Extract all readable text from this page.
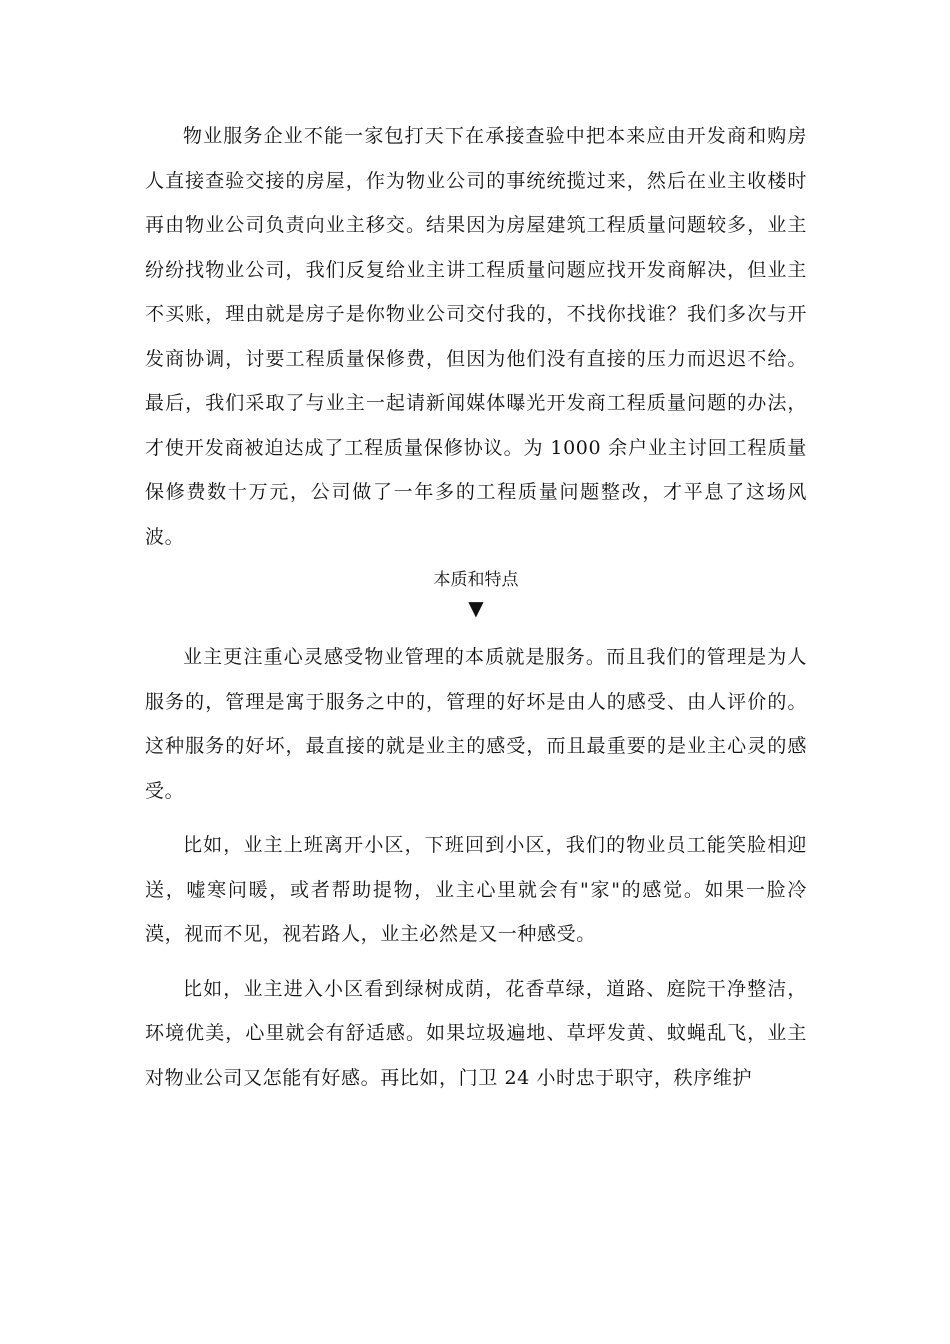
物业服务企业不能一家包打天下在承接查验中把本来应由开发商和购房人直接查验交接的房屋，作为物业公司的事统统揽过来，然后在业主收楼时再由物业公司负责向业主移交。结果因为房屋建筑工程质量问题较多，业主纷纷找物业公司，我们反复给业主讲工程质量问题应找开发商解决，但业主不买账，理由就是房子是你物业公司交付我的，不找你找谁？我们多次与开发商协调，讨要工程质量保修费，但因为他们没有直接的压力而迟迟不给。最后，我们采取了与业主一起请新闻媒体曝光开发商工程质量问题的办法，才使开发商被迫达成了工程质量保修协议。为 1000 余户业主讨回工程质量保修费数十万元，公司做了一年多的工程质量问题整改，才平息了这场风波。

本质和特点
▼

业主更注重心灵感受物业管理的本质就是服务。而且我们的管理是为人服务的，管理是寓于服务之中的，管理的好坏是由人的感受、由人评价的。这种服务的好坏，最直接的就是业主的感受，而且最重要的是业主心灵的感受。

比如，业主上班离开小区，下班回到小区，我们的物业员工能笑脸相迎送，嘘寒问暖，或者帮助提物，业主心里就会有"家"的感觉。如果一脸冷漠，视而不见，视若路人，业主必然是又一种感受。

比如，业主进入小区看到绿树成荫，花香草绿，道路、庭院干净整洁，环境优美，心里就会有舒适感。如果垃圾遍地、草坪发黄、蚊蝇乱飞，业主对物业公司又怎能有好感。再比如，门卫 24 小时忠于职守，秩序维护
